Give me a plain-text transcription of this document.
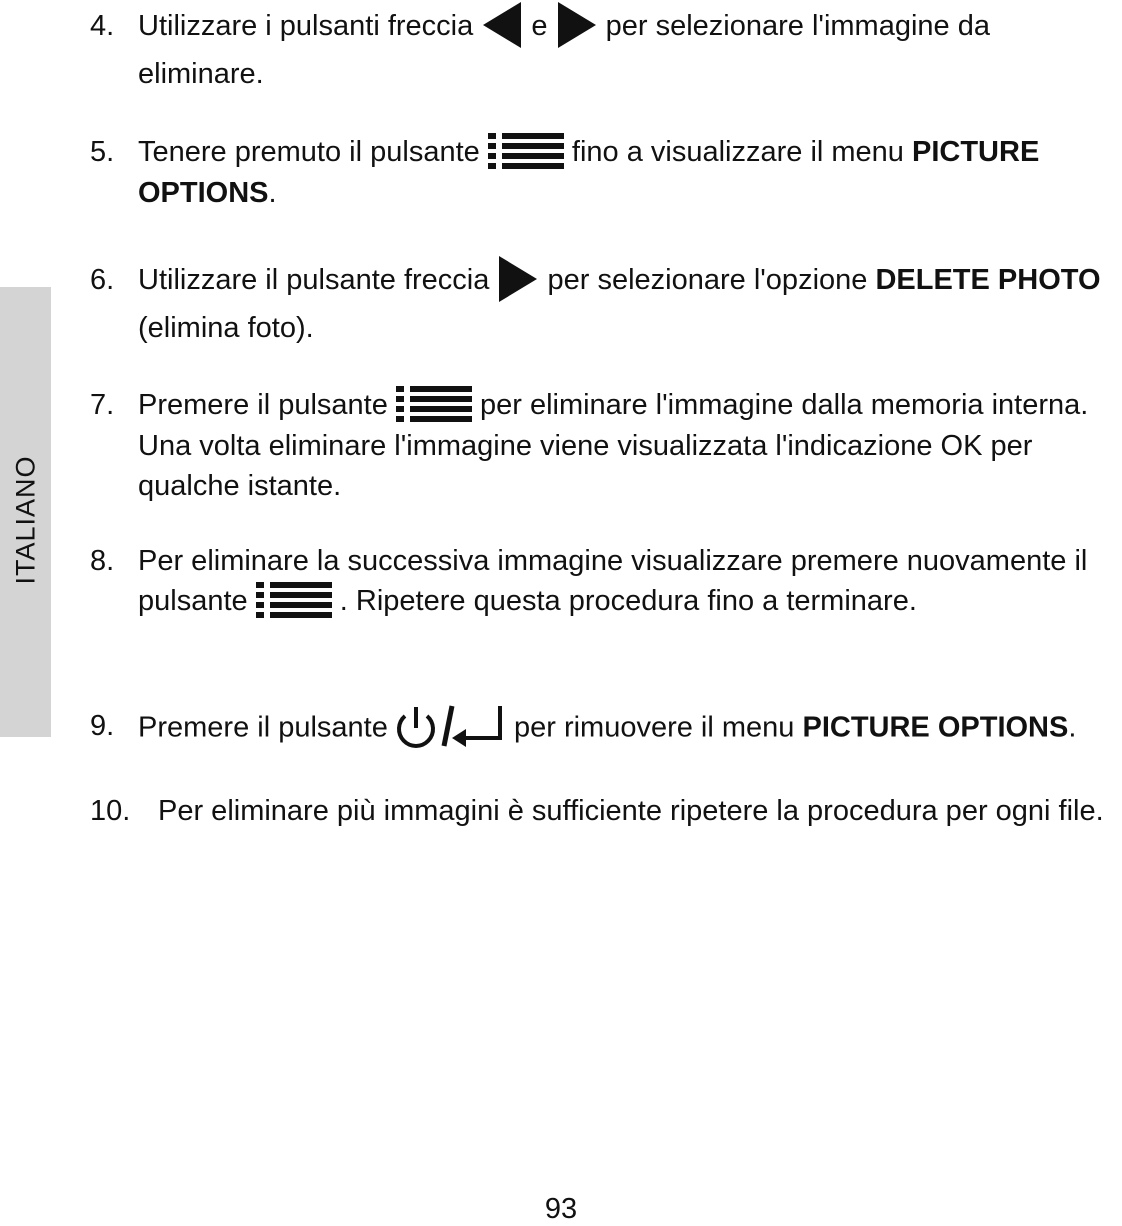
ITALIANO
4. Utilizzare i pulsanti freccia e per selezionare l'immagine da eliminare.
5. Tenere premuto il pulsante	fino a visualizzare il menu PICTURE OPTIONS.
6. Utilizzare il pulsante freccia per selezionare l'opzione DELETE PHOTO (elimina foto).
7. Premere il pulsante	per eliminare l'immagine dalla memoria interna. Una volta eliminare l'immagine viene visualizzata l'indicazione OK per qualche istante.
8. Per eliminare la successiva immagine visualizzare premere nuovamente il pulsante	. Ripetere questa procedura fino a terminare.
9. Premere il pulsante	per rimuovere il menu PICTURE OPTIONS.
10. Per eliminare più immagini è sufficiente ripetere la procedura per ogni file.
93
